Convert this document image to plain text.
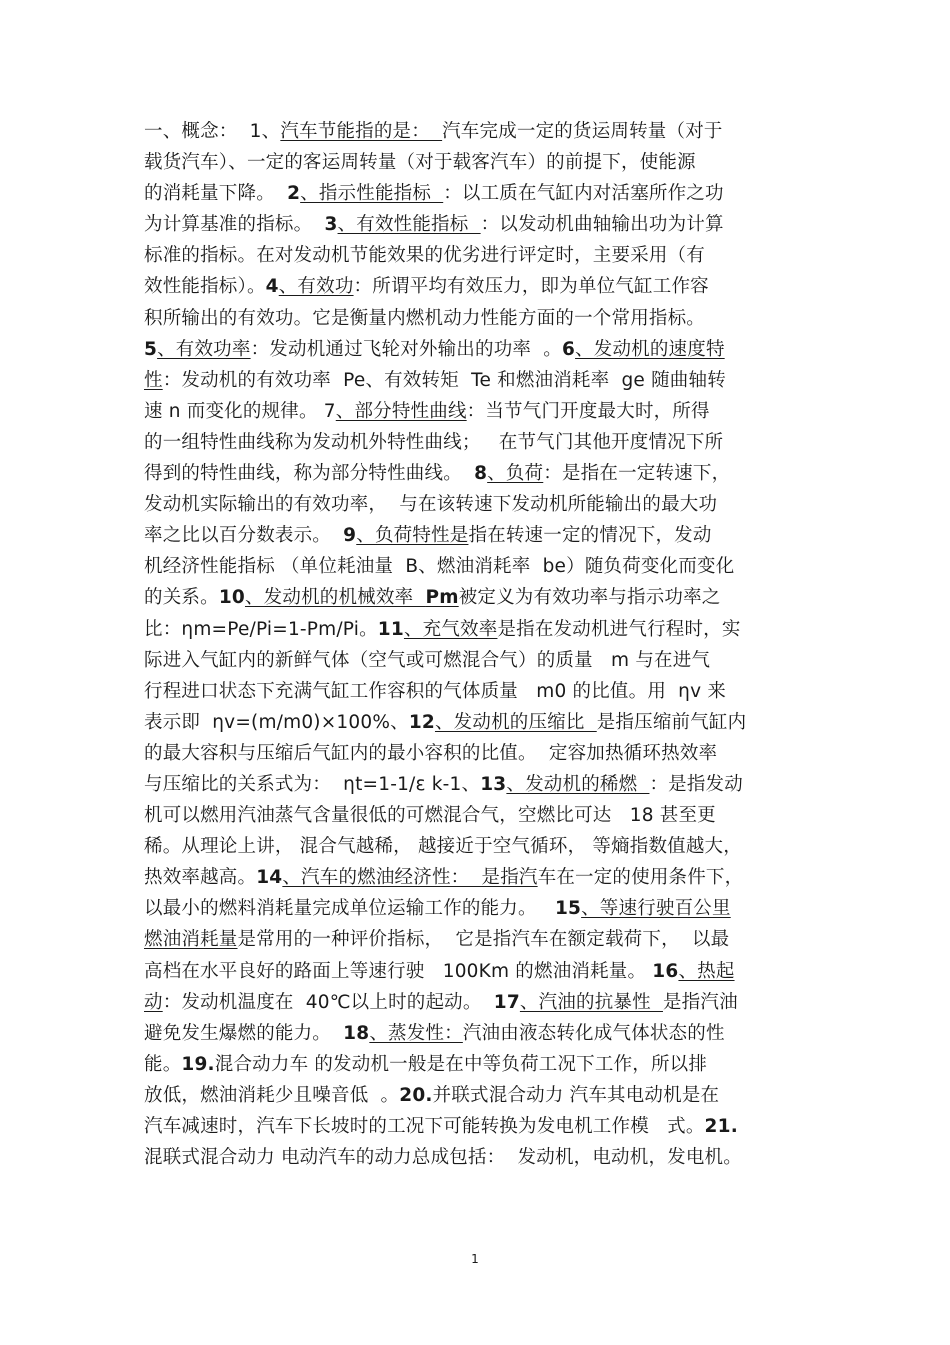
一、概念：  1、汽车节能指的是：  汽车完成一定的货运周转量（对于
载货汽车）、一定的客运周转量（对于载客汽车）的前提下，使能源
的消耗量下降。  2、指示性能指标  ：以工质在气缸内对活塞所作之功
为计算基准的指标。  3、有效性能指标  ：以发动机曲轴输出功为计算
标准的指标。在对发动机节能效果的优劣进行评定时，主要采用（有
效性能指标）。4、有效功：所谓平均有效压力，即为单位气缸工作容
积所输出的有效功。它是衡量内燃机动力性能方面的一个常用指标。
5、有效功率：发动机通过飞轮对外输出的功率  。6、发动机的速度特
性：发动机的有效功率  Pe、有效转矩  Te 和燃油消耗率  ge 随曲轴转
速 n 而变化的规律。 7、部分特性曲线：当节气门开度最大时，所得
的一组特性曲线称为发动机外特性曲线；   在节气门其他开度情况下所
得到的特性曲线，称为部分特性曲线。  8、负荷：是指在一定转速下，
发动机实际输出的有效功率，  与在该转速下发动机所能输出的最大功
率之比以百分数表示。  9、负荷特性是指在转速一定的情况下，发动
机经济性能指标 （单位耗油量  B、燃油消耗率  be）随负荷变化而变化
的关系。10、发动机的机械效率  Pm被定义为有效功率与指示功率之
比：ηm=Pe/Pi=1-Pm/Pi。11、充气效率是指在发动机进气行程时，实
际进入气缸内的新鲜气体（空气或可燃混合气）的质量   m 与在进气
行程进口状态下充满气缸工作容积的气体质量   m0 的比值。用  ηv 来
表示即  ηv=(m/m0)×100%、12、发动机的压缩比  是指压缩前气缸内
的最大容积与压缩后气缸内的最小容积的比值。  定容加热循环热效率
与压缩比的关系式为：  ηt=1-1/ε k-1、13、发动机的稀燃  ：是指发动
机可以燃用汽油蒸气含量很低的可燃混合气，空燃比可达   18 甚至更
稀。从理论上讲， 混合气越稀， 越接近于空气循环， 等熵指数值越大，
热效率越高。14、汽车的燃油经济性：  是指汽车在一定的使用条件下，
以最小的燃料消耗量完成单位运输工作的能力。   15、等速行驶百公里
燃油消耗量是常用的一种评价指标，  它是指汽车在额定载荷下，  以最
高档在水平良好的路面上等速行驶   100Km 的燃油消耗量。 16、热起
动：发动机温度在  40℃以上时的起动。  17、汽油的抗暴性  是指汽油
避免发生爆燃的能力。  18、蒸发性：汽油由液态转化成气体状态的性
能。19.混合动力车 的发动机一般是在中等负荷工况下工作，所以排
放低，燃油消耗少且噪音低  。20.并联式混合动力 汽车其电动机是在
汽车减速时，汽车下长坡时的工况下可能转换为发电机工作模   式。21.
混联式混合动力 电动汽车的动力总成包括：  发动机，电动机，发电机。
1
